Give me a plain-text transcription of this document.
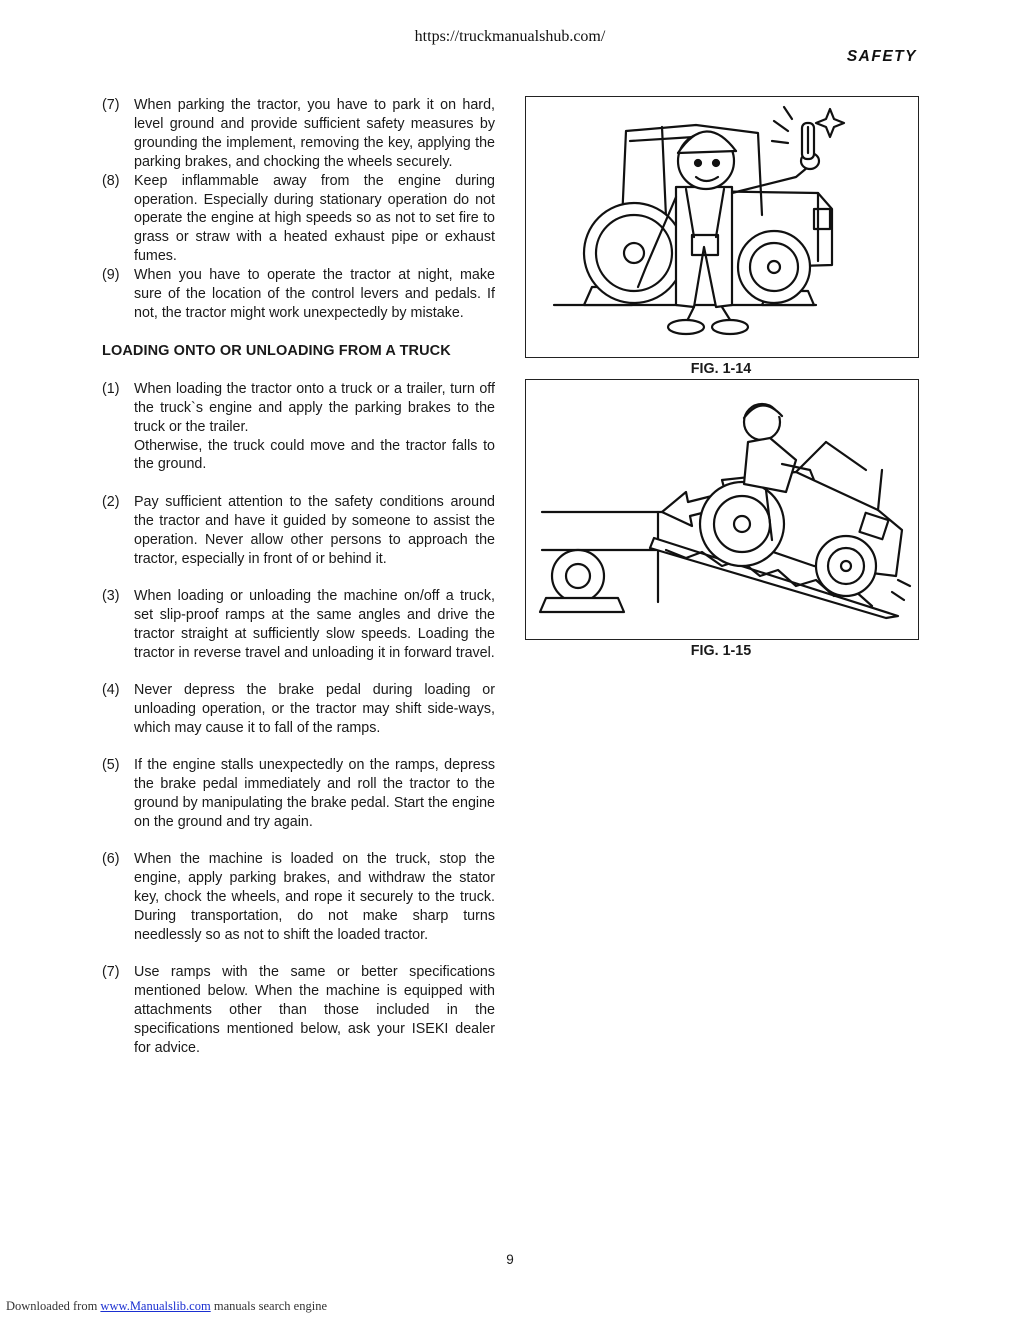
https://truckmanualshub.com/
SAFETY
(7)	When parking the tractor, you have to park it on hard, level ground and provide sufficient safety measures by grounding the implement, removing the key, applying the parking brakes, and chocking the wheels securely.
(8)	Keep inflammable away from the engine during operation. Especially during stationary operation do not operate the engine at high speeds so as not to set fire to grass or straw with a heated exhaust pipe or exhaust fumes.
(9)	When you have to operate the tractor at night, make sure of the location of the control levers and pedals. If not, the tractor might work unexpectedly by mistake.
LOADING ONTO OR UNLOADING FROM A TRUCK
(1)	When loading the tractor onto a truck or a trailer, turn off the truck`s engine and apply the parking brakes to the truck or the trailer.

Otherwise, the truck could move and the tractor falls to the ground.

(2)	Pay sufficient attention to the safety conditions around the tractor and have it guided by someone to assist the operation. Never allow other persons to approach the tractor, especially in front of or behind it.
(3)	When loading or unloading the machine on/off a truck, set slip-proof ramps at the same angles and drive the tractor straight at sufficiently slow speeds. Loading the tractor in reverse travel and unloading it in forward travel.
(4)	Never depress the brake pedal during loading or unloading operation, or the tractor may shift side-ways, which may cause it to fall of the ramps.
(5)	If the engine stalls unexpectedly on the ramps, depress the brake pedal immediately and roll the tractor to the ground by manipulating the brake pedal. Start the engine on the ground and try again.
(6)	When the machine is loaded on the truck, stop the engine, apply parking brakes, and withdraw the stator key, chock the wheels, and rope it securely to the truck. During transportation, do not make sharp turns needlessly so as not to shift the loaded tractor.
(7)	Use ramps with the same or better specifications mentioned below. When the machine is equipped with attachments other than those included in the specifications mentioned below, ask your ISEKI dealer for advice.
FIG. 1-14
FIG. 1-15
9
Downloaded from www.Manualslib.com manuals search engine
